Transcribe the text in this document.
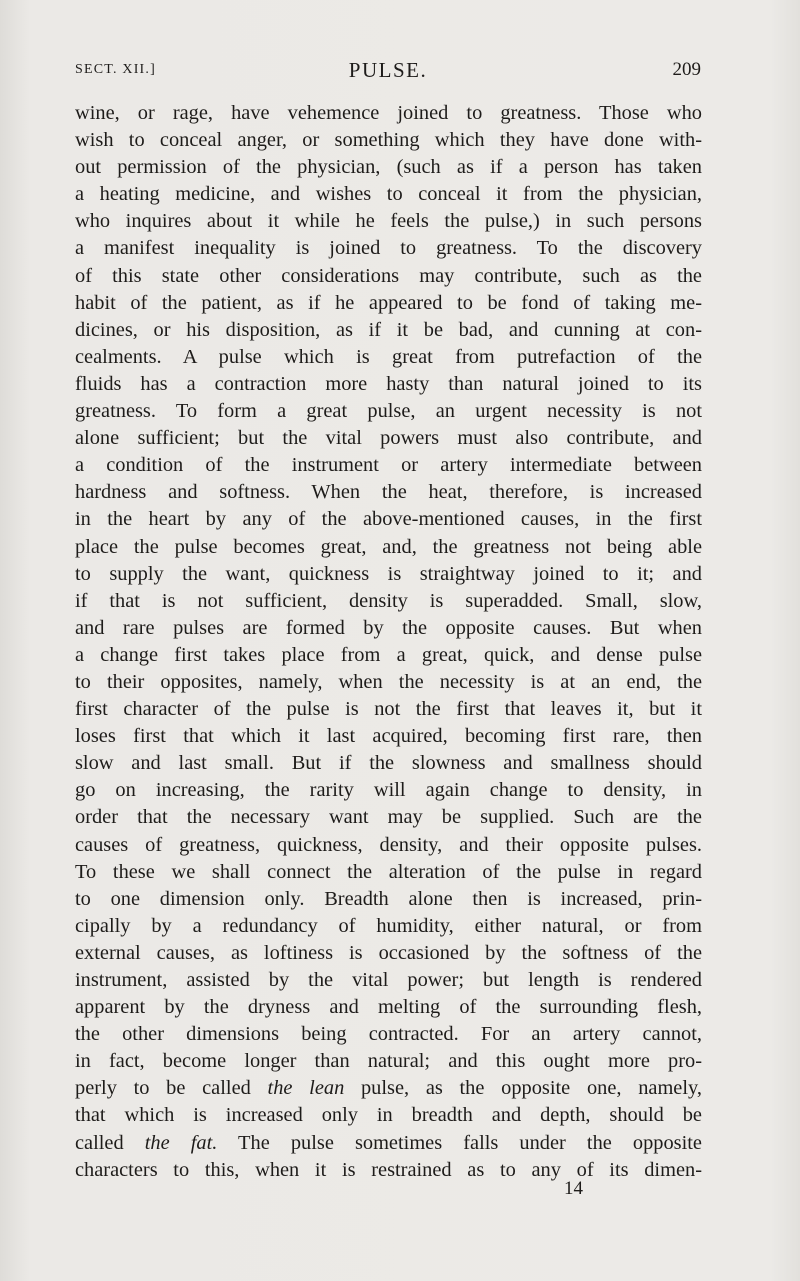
SECT. XII.]	PULSE.	209
wine, or rage, have vehemence joined to greatness. Those who
wish to conceal anger, or something which they have done with-
out permission of the physician, (such as if a person has taken
a heating medicine, and wishes to conceal it from the physician,
who inquires about it while he feels the pulse,) in such persons
a manifest inequality is joined to greatness. To the discovery
of this state other considerations may contribute, such as the
habit of the patient, as if he appeared to be fond of taking me-
dicines, or his disposition, as if it be bad, and cunning at con-
cealments. A pulse which is great from putrefaction of the
fluids has a contraction more hasty than natural joined to its
greatness. To form a great pulse, an urgent necessity is not
alone sufficient; but the vital powers must also contribute, and
a condition of the instrument or artery intermediate between
hardness and softness. When the heat, therefore, is increased
in the heart by any of the above-mentioned causes, in the first
place the pulse becomes great, and, the greatness not being able
to supply the want, quickness is straightway joined to it; and
if that is not sufficient, density is superadded. Small, slow,
and rare pulses are formed by the opposite causes. But when
a change first takes place from a great, quick, and dense pulse
to their opposites, namely, when the necessity is at an end, the
first character of the pulse is not the first that leaves it, but it
loses first that which it last acquired, becoming first rare, then
slow and last small. But if the slowness and smallness should
go on increasing, the rarity will again change to density, in
order that the necessary want may be supplied. Such are the
causes of greatness, quickness, density, and their opposite pulses.
To these we shall connect the alteration of the pulse in regard
to one dimension only. Breadth alone then is increased, prin-
cipally by a redundancy of humidity, either natural, or from
external causes, as loftiness is occasioned by the softness of the
instrument, assisted by the vital power; but length is rendered
apparent by the dryness and melting of the surrounding flesh,
the other dimensions being contracted. For an artery cannot,
in fact, become longer than natural; and this ought more pro-
perly to be called the lean pulse, as the opposite one, namely,
that which is increased only in breadth and depth, should be
called the fat. The pulse sometimes falls under the opposite
characters to this, when it is restrained as to any of its dimen-
14
